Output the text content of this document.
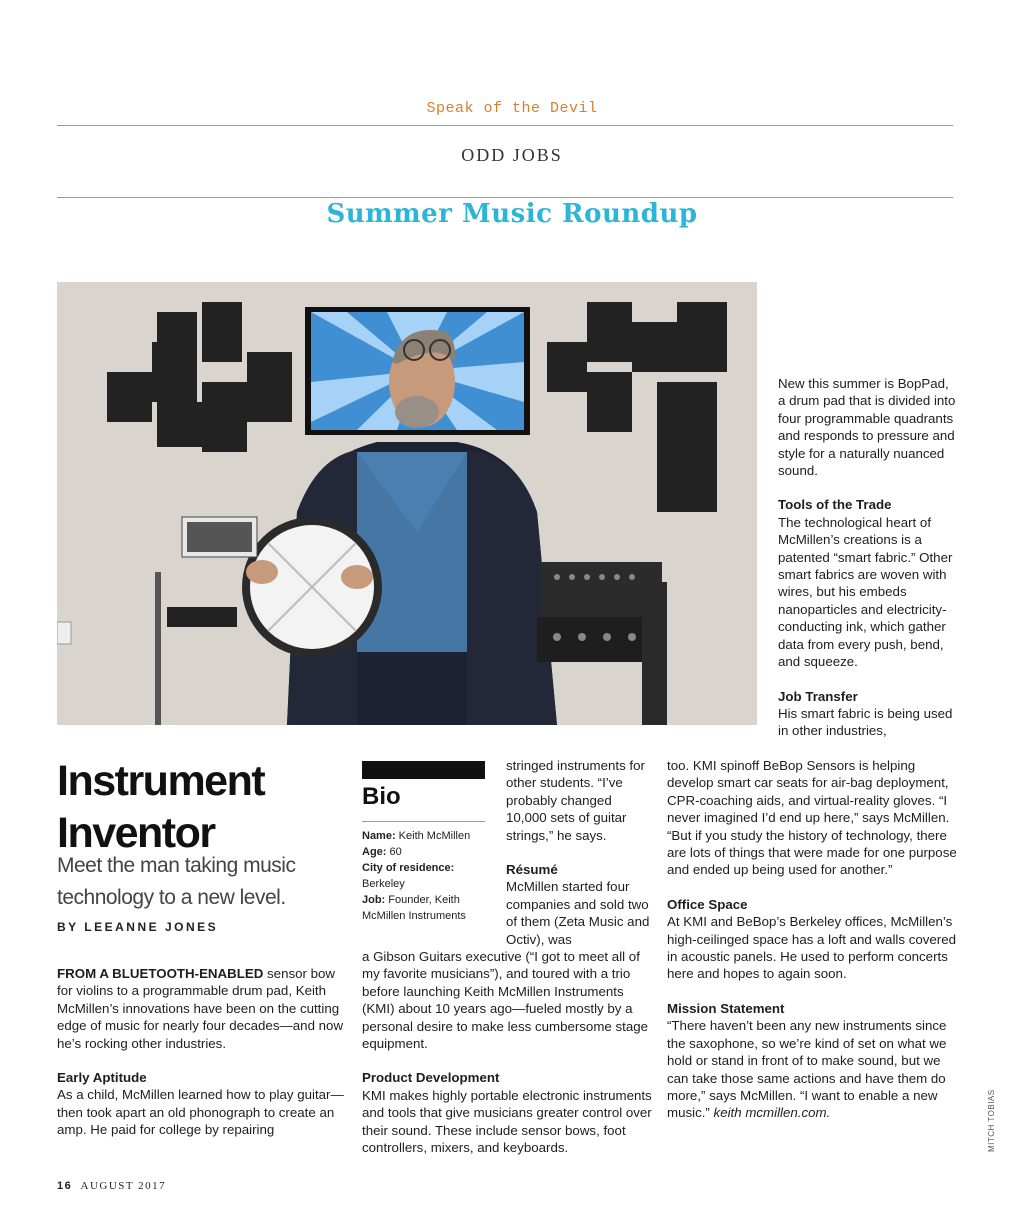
Speak of the Devil
ODD JOBS
Summer Music Roundup

New this summer is BopPad, a drum pad that is divided into four programmable quadrants and responds to pressure and style for a naturally nuanced sound.

Tools of the Trade

The technological heart of McMillen’s creations is a patented “smart fabric.” Other smart fabrics are woven with wires, but his embeds nanoparticles and electricity-conducting ink, which gather data from every push, bend, and squeeze.

Job Transfer

His smart fabric is being used in other industries,

Instrument
Inventor
Meet the man taking music technology to a new level.
BY LEEANNE JONES

FROM A BLUETOOTH-ENABLED sensor bow for violins to a programmable drum pad, Keith McMillen’s innovations have been on the cutting edge of music for nearly four decades—and now he’s rocking other industries.

Early Aptitude

As a child, McMillen learned how to play guitar—then took apart an old phonograph to create an amp. He paid for college by repairing

Bio
Name: Keith McMillen
Age: 60
City of residence:
Berkeley
Job: Founder, Keith McMillen Instruments

stringed instruments for other students. “I’ve probably changed 10,000 sets of guitar strings,” he says.

Résumé

McMillen started four companies and sold two of them (Zeta Music and Octiv), was

a Gibson Guitars executive (“I got to meet all of my favorite musicians”), and toured with a trio before launching Keith McMillen Instruments (KMI) about 10 years ago—fueled mostly by a personal desire to make less cumbersome stage equipment.

Product Development

KMI makes highly portable electronic instruments and tools that give musicians greater control over their sound. These include sensor bows, foot controllers, mixers, and keyboards.

too. KMI spinoff BeBop Sensors is helping develop smart car seats for air-bag deployment, CPR-coaching aids, and virtual-reality gloves. “I never imagined I’d end up here,” says McMillen. “But if you study the history of technology, there are lots of things that were made for one purpose and ended up being used for another.”

Office Space

At KMI and BeBop’s Berkeley offices, McMillen’s high-ceilinged space has a loft and walls covered in acoustic panels. He used to perform concerts here and hopes to again soon.

Mission Statement

“There haven’t been any new instruments since the saxophone, so we’re kind of set on what we hold or stand in front of to make sound, but we can take those same actions and have them do more,” says McMillen. “I want to enable a new music.” keith mcmillen.com.	MITCH TOBIAS
16 AUGUST 2017
